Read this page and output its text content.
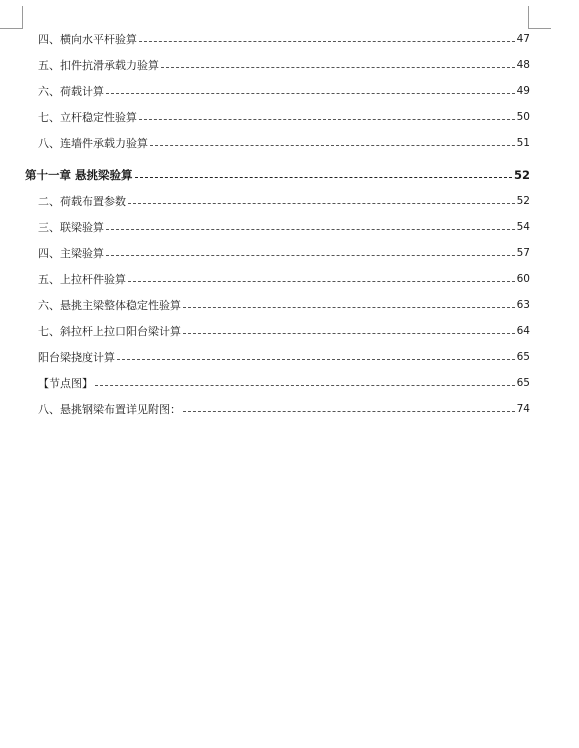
四、横向水平杆验算	47
五、扣件抗滑承载力验算	48
六、荷载计算	49
七、立杆稳定性验算	50
八、连墙件承载力验算	51
第十一章 悬挑梁验算	52
二、荷载布置参数	52
三、联梁验算	54
四、主梁验算	57
五、上拉杆件验算	60
六、悬挑主梁整体稳定性验算	63
七、斜拉杆上拉口阳台梁计算	64
阳台梁挠度计算	65
【节点图】	65
八、悬挑钢梁布置详见附图：	74
